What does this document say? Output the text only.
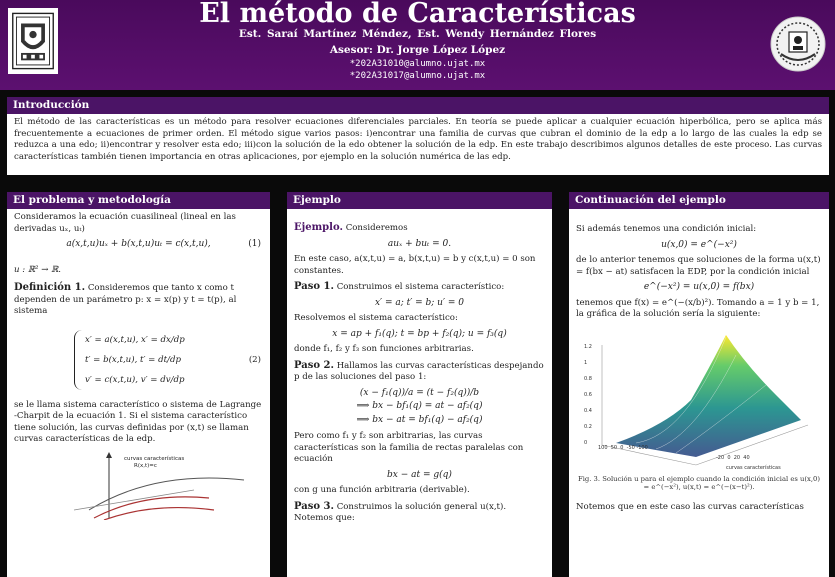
El método de Características
Est. Saraí Martínez Méndez, Est. Wendy Hernández Flores
Asesor: Dr. Jorge López López
*202A31010@alumno.ujat.mx
*202A31017@alumno.ujat.mx
Introducción
El método de las características es un método para resolver ecuaciones diferenciales parciales. En teoría se puede aplicar a cualquier ecuación hiperbólica, pero se aplica más frecuentemente a ecuaciones de primer orden. El método sigue varios pasos: i)encontrar una familia de curvas que cubran el dominio de la edp a lo largo de las cuales la edp se reduzca a una edo; ii)encontrar y resolver esta edo; iii)con la solución de la edo obtener la solución de la edp. En este trabajo describimos algunos detalles de este proceso. Las curvas características también tienen importancia en otras aplicaciones, por ejemplo en la solución numérica de las edp.
El problema y metodología

Consideramos la ecuación cuasilineal (lineal en las derivadas uₓ, uₜ)

a(x,t,u)uₓ + b(x,t,u)uₜ = c(x,t,u),	(1)

u : ℝ² → ℝ.

Definición 1. Consideremos que tanto x como t dependen de un parámetro p: x = x(p) y t = t(p), al sistema

x′ = a(x,t,u), x′ = dx/dp
t′ = b(x,t,u), t′ = dt/dp
v′ = c(x,t,u), v′ = dv/dp
(2)

se le llama sistema característico o sistema de Lagrange -Charpit de la ecuación 1. Si el sistema característico tiene solución, las curvas definidas por (x,t) se llaman curvas características de la edp.

curvas características
R(x,t)=c
Ejemplo

Ejemplo. Consideremos

auₓ + buₜ = 0.

En este caso, a(x,t,u) = a, b(x,t,u) = b y c(x,t,u) = 0 son constantes.

Paso 1. Construimos el sistema característico:

x′ = a; t′ = b; u′ = 0

Resolvemos el sistema característico:

x = ap + f₁(q); t = bp + f₂(q); u = f₃(q)

donde f₁, f₂ y f₃ son funciones arbitrarias.

Paso 2. Hallamos las curvas características despejando p de las soluciones del paso 1:

(x − f₁(q))/a = (t − f₂(q))/b
⟹ bx − bf₁(q) = at − af₂(q)
⟹ bx − at = bf₁(q) − af₂(q)

Pero como f₁ y f₂ son arbitrarias, las curvas características son la familia de rectas paralelas con ecuación

bx − at = g(q)

con g una función arbitraria (derivable).

Paso 3. Construimos la solución general u(x,t). Notemos que:

Continuación del ejemplo

Si además tenemos una condición inicial:

u(x,0) = e^(−x²)

de lo anterior tenemos que soluciones de la forma u(x,t) = f(bx − at) satisfacen la EDP, por la condición inicial

e^(−x²) = u(x,0) = f(bx)

tenemos que f(x) = e^(−(x/b)²). Tomando a = 1 y b = 1, la gráfica de la solución sería la siguiente:

1.2
1
0.8
0.6
0.4
0.2
0
100 50 0 -50 -100
-20 0 20 40
curvas características
Fig. 3. Solución u para el ejemplo cuando la condición inicial es u(x,0) = e^(−x²), u(x,t) = e^(−(x−t)²).

Notemos que en este caso las curvas características
